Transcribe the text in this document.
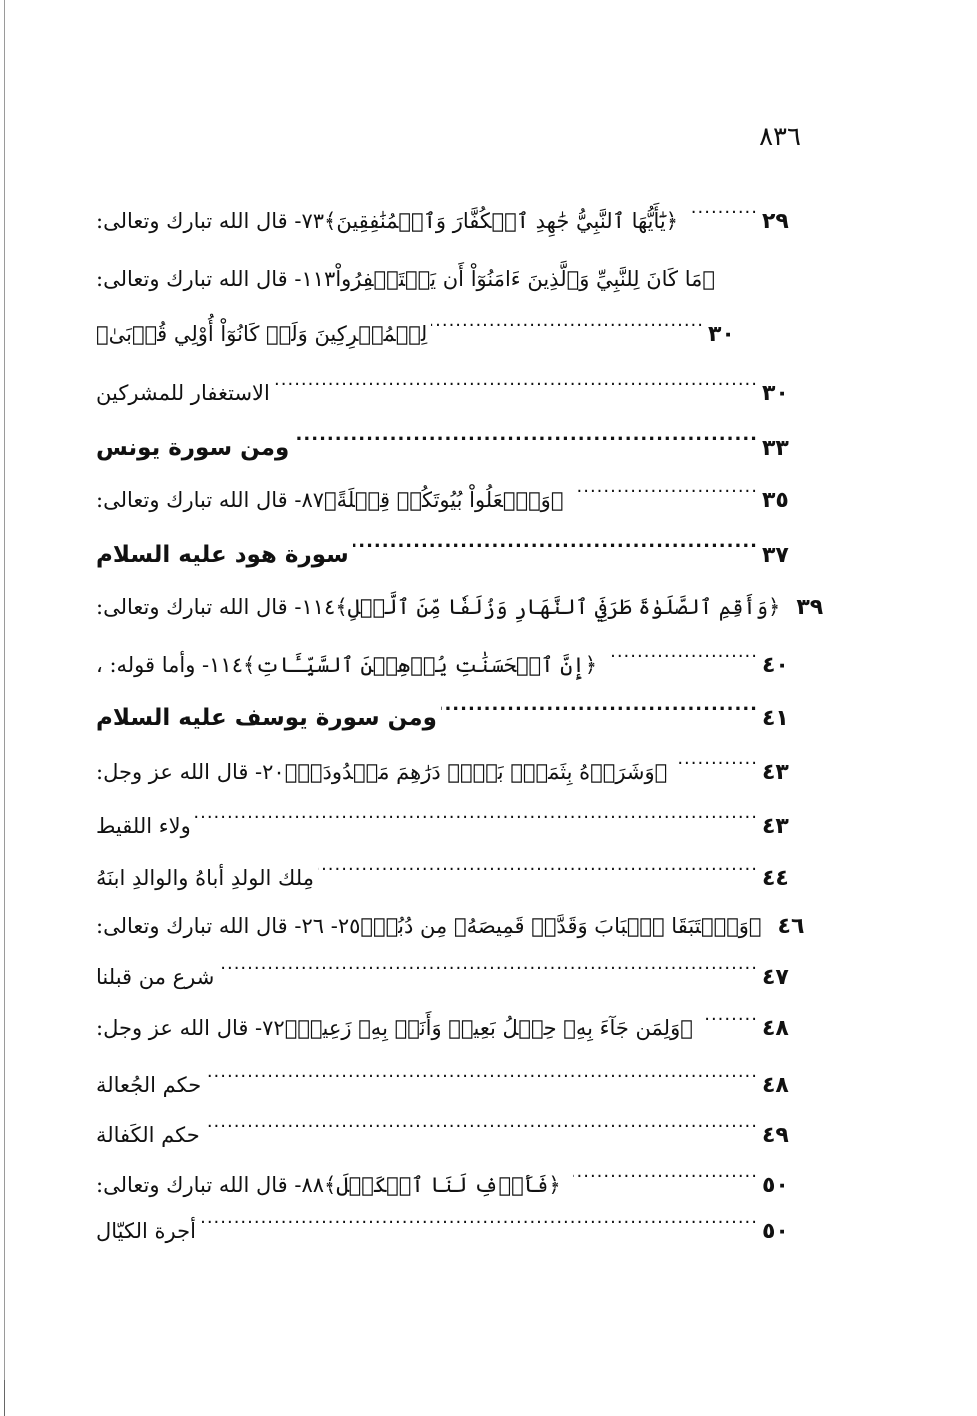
٨٣٦
٧٣- قال الله تبارك وتعالى: ﴿يَٰٓأَيُّهَا ٱلنَّبِيُّ جَٰهِدِ ٱلۡكُفَّارَ وَٱلۡمُنَٰفِقِينَ﴾ .....	٢٩
١١٣- قال الله تبارك وتعالى: ﴿مَا كَانَ لِلنَّبِيِّ وَٱلَّذِينَ ءَامَنُوٓاْ أَن يَسۡتَغۡفِرُواْ
لِلۡمُشۡرِكِينَ وَلَوۡ كَانُوٓاْ أُوْلِي قُرۡبَىٰ﴾ .....	٣٠
الاستغفار للمشركين .....	٣٠
ومن سورة يونس .....	٣٣
٨٧- قال الله تبارك وتعالى: ﴿وَٱجۡعَلُواْ بُيُوتَكُمۡ قِبۡلَةً﴾ .....	٣٥
سورة هود عليه السلام .....	٣٧
١١٤- قال الله تبارك وتعالى: ﴿وَأَقِمِ ٱلصَّلَوٰةَ طَرَفَيِ ٱلنَّهَارِ وَزُلَفٗا مِّنَ ٱلَّيۡلِ﴾ ٣٩
١١٤- وأما قوله: ، ﴿إِنَّ ٱلۡحَسَنَٰتِ يُذۡهِبۡنَ ٱلسَّيِّـَٔاتِ﴾ .....	٤٠
ومن سورة يوسف عليه السلام .....	٤١
٢٠- قال الله عز وجل: ﴿وَشَرَوۡهُ بِثَمَنِۭ بَخۡسٖ دَرَٰهِمَ مَعۡدُودَةٖ﴾ .....	٤٣
ولاء اللقيط .....	٤٣
مِلك الولدِ أباهُ والوالدِ ابنَهُ .....	٤٤
٢٥- ٢٦- قال الله تبارك وتعالى: ﴿وَٱسۡتَبَقَا ٱلۡبَابَ وَقَدَّتۡ قَمِيصَهُۥ مِن دُبُرٖ﴾ ٤٦
شرع من قبلنا .....	٤٧
٧٢- قال الله عز وجل: ﴿وَلِمَن جَآءَ بِهِۦ حِمۡلُ بَعِيرٖ وَأَنَا۠ بِهِۦ زَعِيمٞ﴾ .....	٤٨
حكم الجُعالة .....	٤٨
حكم الكَفالة .....	٤٩
٨٨- قال الله تبارك وتعالى: ﴿فَأَوۡفِ لَنَا ٱلۡكَيۡلَ﴾ .....	٥٠
أجرة الكيّال .....	٥٠
